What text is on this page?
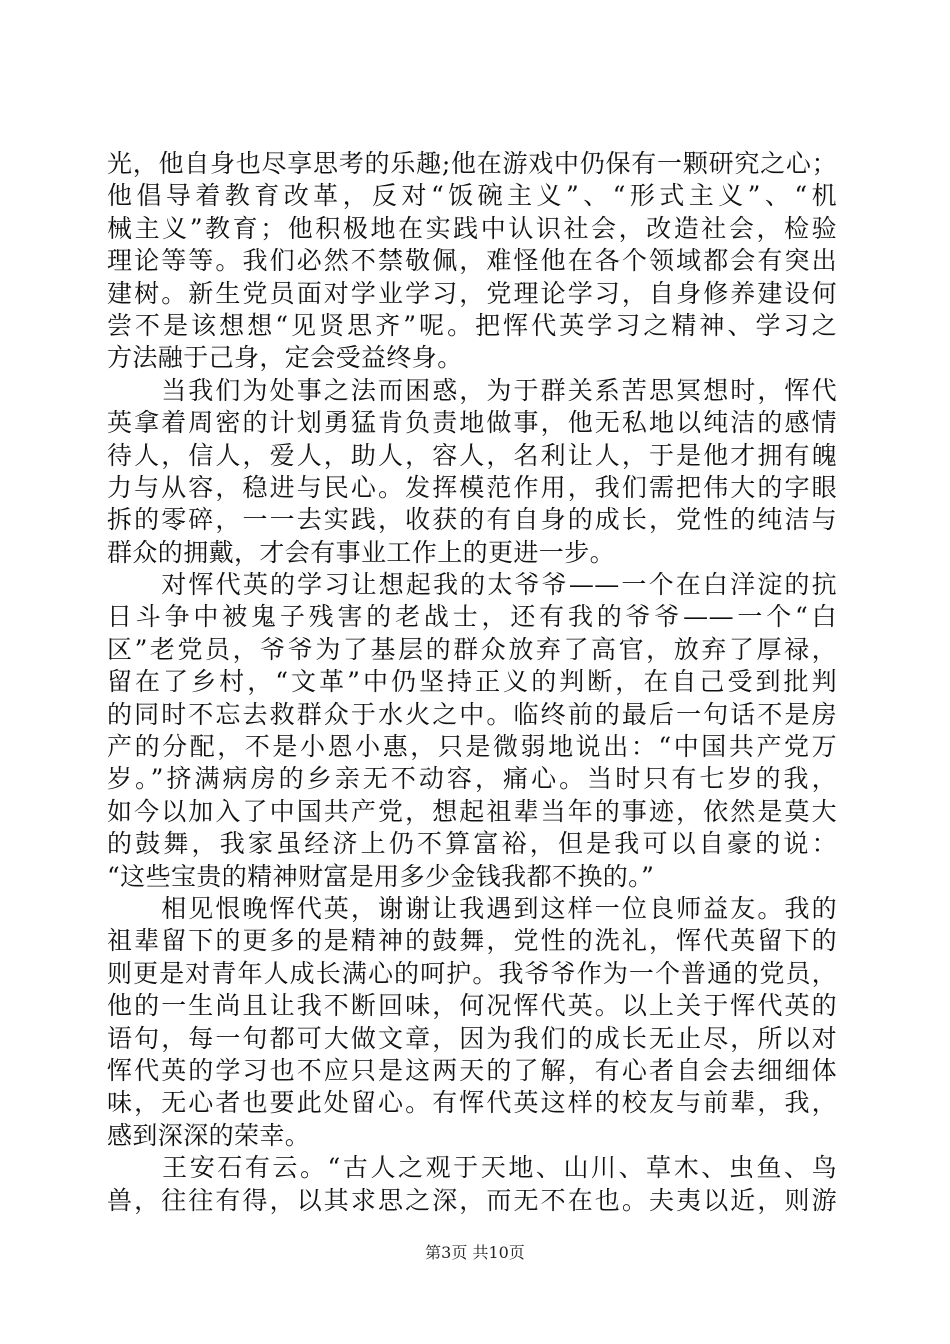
光，他自身也尽享思考的乐趣;他在游戏中仍保有一颗研究之心；
他倡导着教育改革，反对“饭碗主义”、“形式主义”、“机
械主义”教育；他积极地在实践中认识社会，改造社会，检验
理论等等。我们必然不禁敬佩，难怪他在各个领域都会有突出
建树。新生党员面对学业学习，党理论学习，自身修养建设何
尝不是该想想“见贤思齐”呢。把恽代英学习之精神、学习之
方法融于己身，定会受益终身。
　　当我们为处事之法而困惑，为于群关系苦思冥想时，恽代
英拿着周密的计划勇猛肯负责地做事，他无私地以纯洁的感情
待人，信人，爱人，助人，容人，名利让人，于是他才拥有魄
力与从容，稳进与民心。发挥模范作用，我们需把伟大的字眼
拆的零碎，一一去实践，收获的有自身的成长，党性的纯洁与
群众的拥戴，才会有事业工作上的更进一步。
　　对恽代英的学习让想起我的太爷爷——一个在白洋淀的抗
日斗争中被鬼子残害的老战士，还有我的爷爷——一个“白
区”老党员，爷爷为了基层的群众放弃了高官，放弃了厚禄，
留在了乡村，“文革”中仍坚持正义的判断，在自己受到批判
的同时不忘去救群众于水火之中。临终前的最后一句话不是房
产的分配，不是小恩小惠，只是微弱地说出：“中国共产党万
岁。”挤满病房的乡亲无不动容，痛心。当时只有七岁的我，
如今以加入了中国共产党，想起祖辈当年的事迹，依然是莫大
的鼓舞，我家虽经济上仍不算富裕，但是我可以自豪的说：
“这些宝贵的精神财富是用多少金钱我都不换的。”
　　相见恨晚恽代英，谢谢让我遇到这样一位良师益友。我的
祖辈留下的更多的是精神的鼓舞，党性的洗礼，恽代英留下的
则更是对青年人成长满心的呵护。我爷爷作为一个普通的党员，
他的一生尚且让我不断回味，何况恽代英。以上关于恽代英的
语句，每一句都可大做文章，因为我们的成长无止尽，所以对
恽代英的学习也不应只是这两天的了解，有心者自会去细细体
味，无心者也要此处留心。有恽代英这样的校友与前辈，我，
感到深深的荣幸。
　　王安石有云。“古人之观于天地、山川、草木、虫鱼、鸟
兽，往往有得，以其求思之深，而无不在也。夫夷以近，则游
第3页 共10页
